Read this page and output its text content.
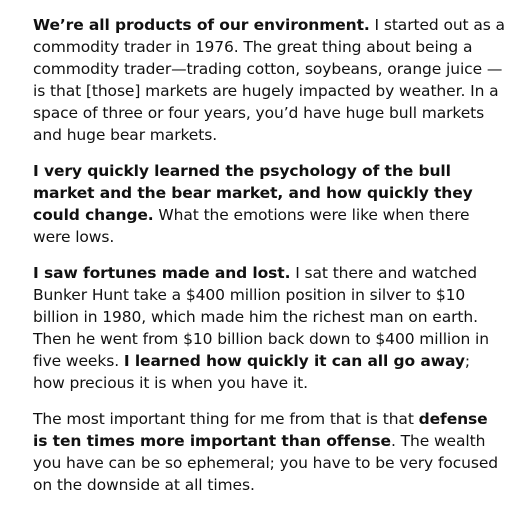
We’re all products of our environment. I started out as a commodity trader in 1976. The great thing about being a commodity trader—trading cotton, soybeans, orange juice — is that [those] markets are hugely impacted by weather. In a space of three or four years, you’d have huge bull markets and huge bear markets.

I very quickly learned the psychology of the bull market and the bear market, and how quickly they could change. What the emotions were like when there were lows.

I saw fortunes made and lost. I sat there and watched Bunker Hunt take a $400 million position in silver to $10 billion in 1980, which made him the richest man on earth. Then he went from $10 billion back down to $400 million in five weeks. I learned how quickly it can all go away; how precious it is when you have it.

The most important thing for me from that is that defense is ten times more important than offense. The wealth you have can be so ephemeral; you have to be very focused on the downside at all times.
